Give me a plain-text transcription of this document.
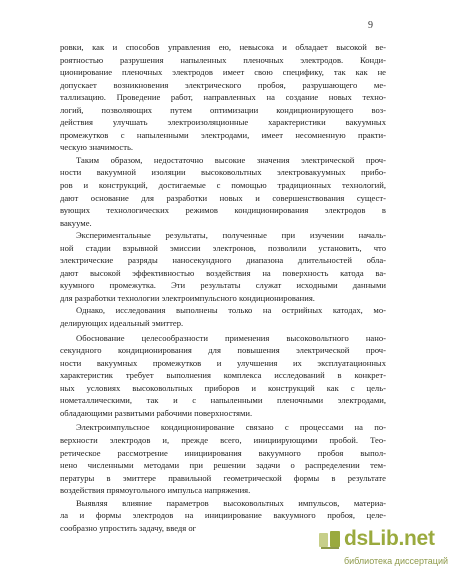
9
ровки, как и способов управления ею, невысока и обладает высокой ве-
роятностью разрушения напыленных пленочных электродов. Конди-
ционирование пленочных электродов имеет свою специфику, так как не
допускает возникновения электрического пробоя, разрушающего ме-
таллизацию. Проведение работ, направленных на создание новых техно-
логий, позволяющих путем оптимизации кондиционирующего воз-
действия улучшать электроизоляционные характеристики вакуумных
промежутков с напыленными электродами, имеет несомненную практи-
ческую значимость.
Таким образом, недостаточно высокие значения электрической проч-
ности вакуумной изоляции высоковольтных электровакуумных прибо-
ров и конструкций, достигаемые с помощью традиционных технологий,
дают основание для разработки новых и совершенствования сущест-
вующих технологических режимов кондиционирования электродов в
вакууме.
Экспериментальные результаты, полученные при изучении началь-
ной стадии взрывной эмиссии электронов, позволили установить, что
электрические разряды наносекундного диапазона длительностей обла-
дают высокой эффективностью воздействия на поверхность катода ва-
куумного промежутка. Эти результаты служат исходными данными
для разработки технологии электроимпульсного кондиционирования.
Однако, исследования выполнены только на острийных катодах, мо-
делирующих идеальный эмиттер.
Обоснование целесообразности применения высоковольтного нано-
секундного кондиционирования для повышения электрической проч-
ности вакуумных промежутков и улучшения их эксплуатационных
характеристик требует выполнения комплекса исследований в конкрет-
ных условиях высоковольтных приборов и конструкций как с цель-
нометаллическими, так и с напыленными пленочными электродами,
обладающими развитыми рабочими поверхностями.
Электроимпульсное кондиционирование связано с процессами на по-
верхности электродов и, прежде всего, инициирующими пробой. Тео-
ретическое рассмотрение инициирования вакуумного пробоя выпол-
нено численными методами при решении задачи о распределении тем-
пературы в эмиттере правильной геометрической формы в результате
воздействия прямоугольного импульса напряжения.
Выявляя влияние параметров высоковольтных импульсов, материа-
ла и формы электродов на инициирование вакуумного пробоя, целе-
сообразно упростить задачу, введя ог	dsLib.net
библиотека диссертаций
